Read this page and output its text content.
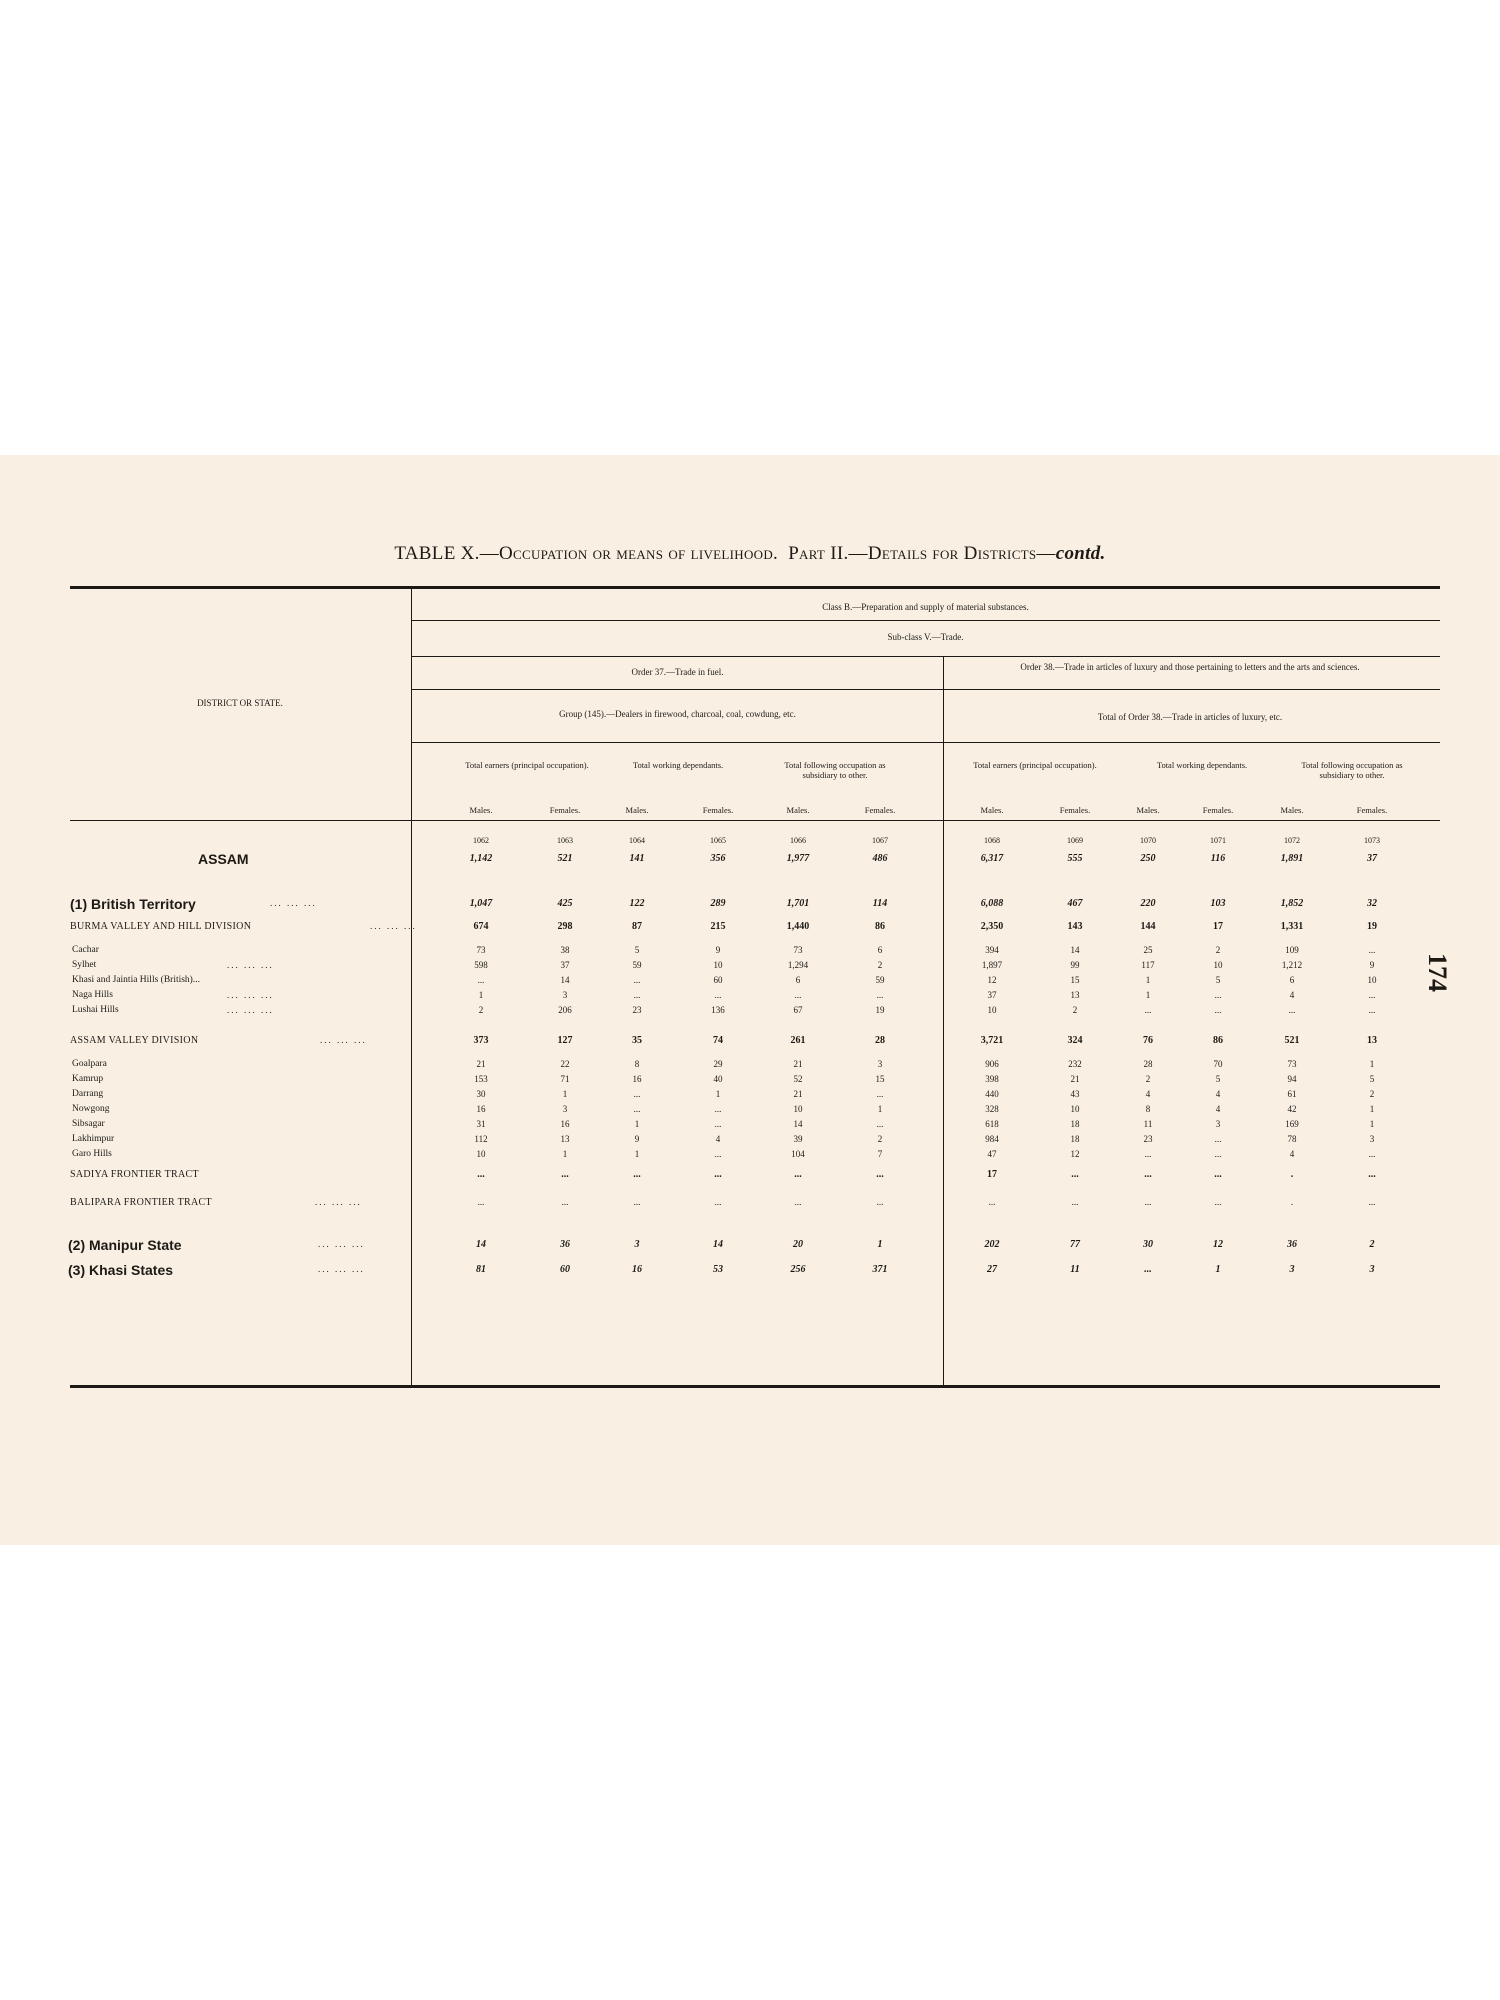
TABLE X.—Occupation or means of livelihood. Part II.—Details for Districts—contd.
174
DISTRICT OR STATE.
Class B.—Preparation and supply of material substances.
Sub-class V.—Trade.
Order 37.—Trade in fuel.	Order 38.—Trade in articles of luxury and those pertaining to letters and the arts and sciences.
Group (145).—Dealers in firewood, charcoal, coal, cowdung, etc.	Total of Order 38.—Trade in articles of luxury, etc.
Total earners (principal occupation).	Total working dependants.	Total following occupation as subsidiary to other.
Total earners (principal occupation).	Total working dependants.	Total following occupation as subsidiary to other.
Males.	Females.	Males.	Females.	Males.	Females.	Males.	Females.	Males.	Females.	Males.	Females.
1062	1063	1064	1065	1066	1067	1068	1069	1070	1071	1072	1073
ASSAM	1,142	521	141	356	1,977	486	6,317	555	250	116	1,891	37
(1) British Territory	... ... ...	1,047	425	122	289	1,701	114	6,088	467	220	103	1,852	32
BURMA VALLEY AND HILL DIVISION	... ... ...	674	298	87	215	1,440	86	2,350	143	144	17	1,331	19
Cachar	73	38	5	9	73	6	394	14	25	2	109	...
Sylhet	... ... ...	598	37	59	10	1,294	2	1,897	99	117	10	1,212	9
Khasi and Jaintia Hills (British)...	...	14	...	60	6	59	12	15	1	5	6	10
Naga Hills	... ... ...	1	3	...	...	...	...	37	13	1	...	4	...
Lushai Hills	... ... ...	2	206	23	136	67	19	10	2	...	...	...	...
ASSAM VALLEY DIVISION	... ... ...	373	127	35	74	261	28	3,721	324	76	86	521	13
Goalpara	21	22	8	29	21	3	906	232	28	70	73	1
Kamrup	153	71	16	40	52	15	398	21	2	5	94	5
Darrang	30	1	...	1	21	...	440	43	4	4	61	2
Nowgong	16	3	...	...	10	1	328	10	8	4	42	1
Sibsagar	31	16	1	...	14	...	618	18	11	3	169	1
Lakhimpur	112	13	9	4	39	2	984	18	23	...	78	3
Garo Hills	10	1	1	...	104	7	47	12	...	...	4	...
SADIYA FRONTIER TRACT	...	...	...	...	...	...	17	...	...	...	.	...
BALIPARA FRONTIER TRACT	... ... ...	...	...	...	...	...	...	...	...	...	...	.	...
(2) Manipur State	... ... ...	14	36	3	14	20	1	202	77	30	12	36	2
(3) Khasi States	... ... ...	81	60	16	53	256	371	27	11	...	1	3	3
